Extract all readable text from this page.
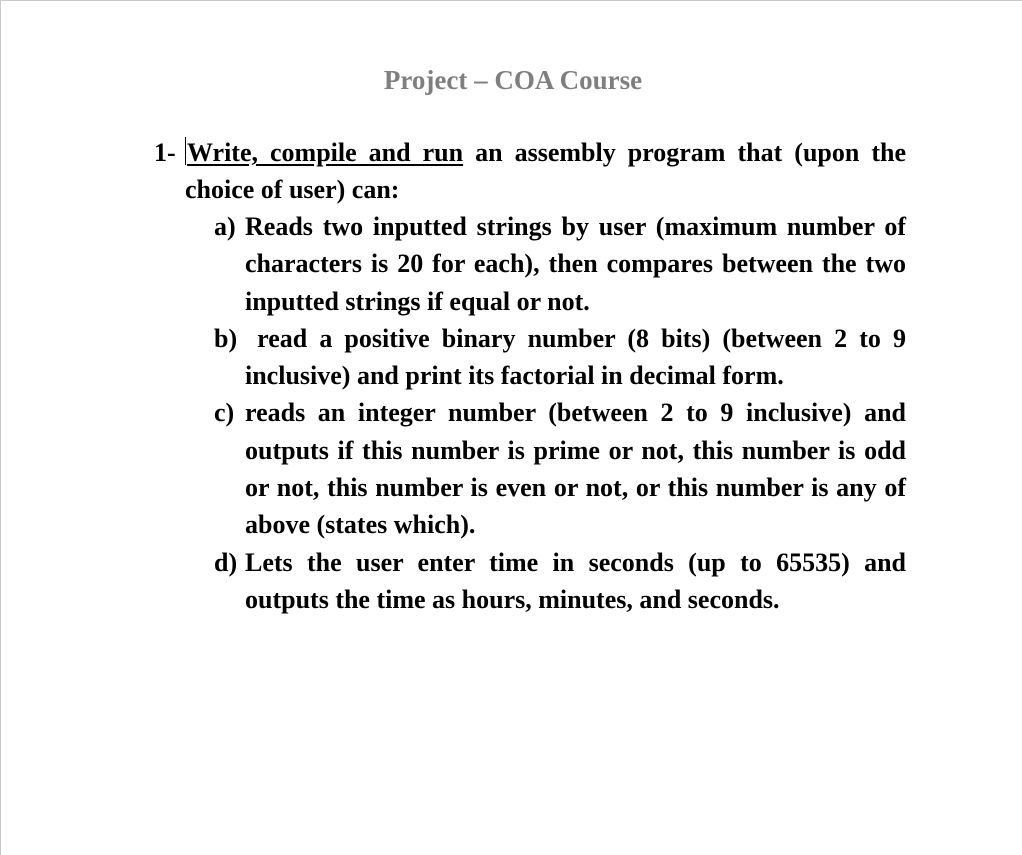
Project – COA Course
1- Write, compile and run an assembly program that (upon the choice of user) can:
a) Reads two inputted strings by user (maximum number of characters is 20 for each), then compares between the two inputted strings if equal or not.
b) read a positive binary number (8 bits) (between 2 to 9 inclusive) and print its factorial in decimal form.
c) reads an integer number (between 2 to 9 inclusive) and outputs if this number is prime or not, this number is odd or not, this number is even or not, or this number is any of above (states which).
d) Lets the user enter time in seconds (up to 65535) and outputs the time as hours, minutes, and seconds.
